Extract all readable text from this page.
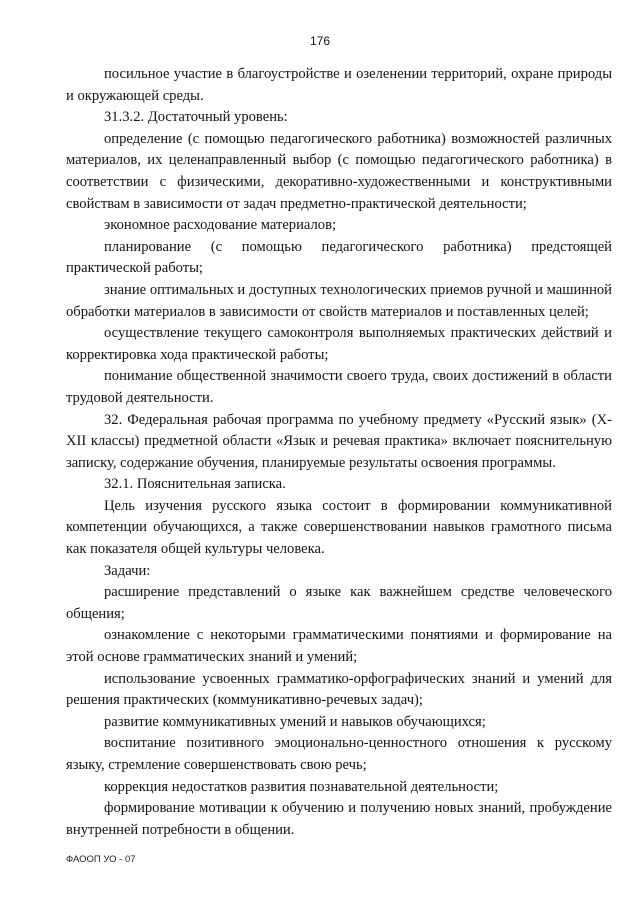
176

посильное участие в благоустройстве и озеленении территорий, охране природы и окружающей среды.

31.3.2. Достаточный уровень:

определение (с помощью педагогического работника) возможностей различных материалов, их целенаправленный выбор (с помощью педагогического работника) в соответствии с физическими, декоративно-художественными и конструктивными свойствам в зависимости от задач предметно-практической деятельности;

экономное расходование материалов;

планирование (с помощью педагогического работника) предстоящей практической работы;

знание оптимальных и доступных технологических приемов ручной и машинной обработки материалов в зависимости от свойств материалов и поставленных целей;

осуществление текущего самоконтроля выполняемых практических действий и корректировка хода практической работы;

понимание общественной значимости своего труда, своих достижений в области трудовой деятельности.

32. Федеральная рабочая программа по учебному предмету «Русский язык» (X-XII классы) предметной области «Язык и речевая практика» включает пояснительную записку, содержание обучения, планируемые результаты освоения программы.

32.1. Пояснительная записка.

Цель изучения русского языка состоит в формировании коммуникативной компетенции обучающихся, а также совершенствовании навыков грамотного письма как показателя общей культуры человека.

Задачи:

расширение представлений о языке как важнейшем средстве человеческого общения;

ознакомление с некоторыми грамматическими понятиями и формирование на этой основе грамматических знаний и умений;

использование усвоенных грамматико-орфографических знаний и умений для решения практических (коммуникативно-речевых задач);

развитие коммуникативных умений и навыков обучающихся;

воспитание позитивного эмоционально-ценностного отношения к русскому языку, стремление совершенствовать свою речь;

коррекция недостатков развития познавательной деятельности;

формирование мотивации к обучению и получению новых знаний, пробуждение внутренней потребности в общении.

ФАООП УО - 07
